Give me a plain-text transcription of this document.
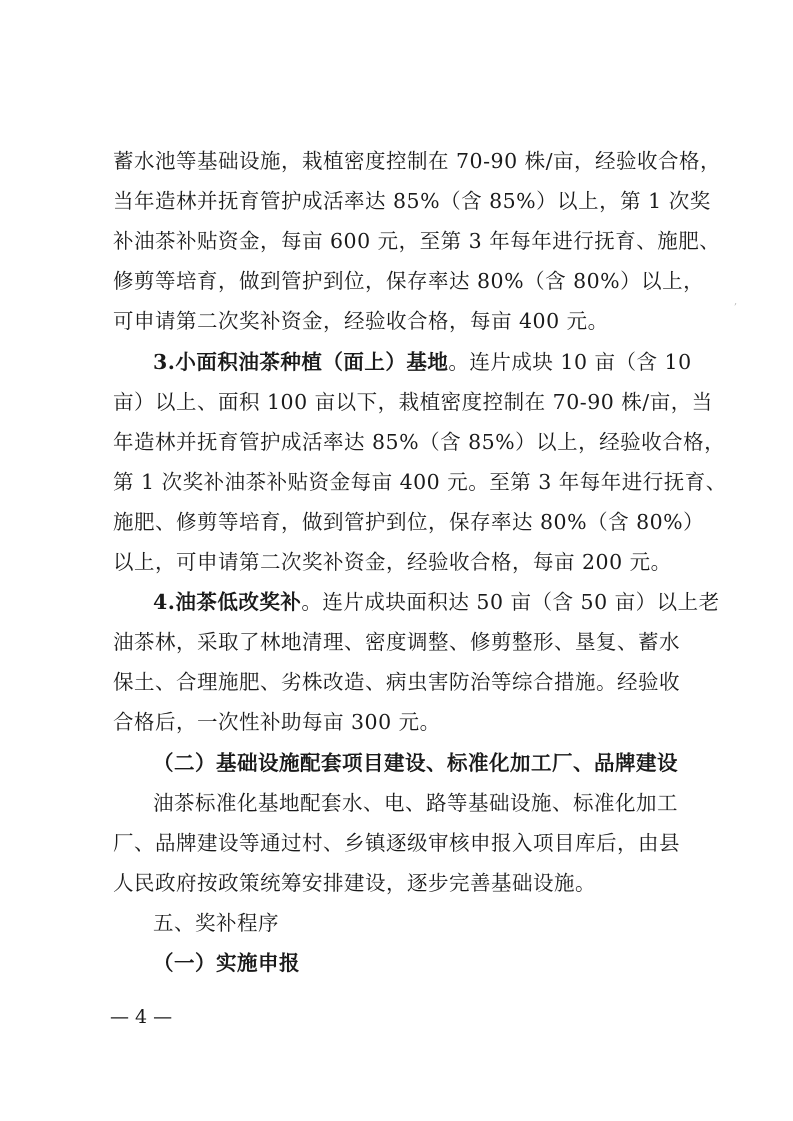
蓄水池等基础设施，栽植密度控制在 70-90 株/亩，经验收合格，
当年造林并抚育管护成活率达 85%（含 85%）以上，第 1 次奖
补油茶补贴资金，每亩 600 元，至第 3 年每年进行抚育、施肥、
修剪等培育，做到管护到位，保存率达 80%（含 80%）以上，
可申请第二次奖补资金，经验收合格，每亩 400 元。
3.小面积油茶种植（面上）基地。连片成块 10 亩（含 10
亩）以上、面积 100 亩以下，栽植密度控制在 70-90 株/亩，当
年造林并抚育管护成活率达 85%（含 85%）以上，经验收合格，
第 1 次奖补油茶补贴资金每亩 400 元。至第 3 年每年进行抚育、
施肥、修剪等培育，做到管护到位，保存率达 80%（含 80%）
以上，可申请第二次奖补资金，经验收合格，每亩 200 元。
4.油茶低改奖补。连片成块面积达 50 亩（含 50 亩）以上老
油茶林，采取了林地清理、密度调整、修剪整形、垦复、蓄水
保土、合理施肥、劣株改造、病虫害防治等综合措施。经验收
合格后，一次性补助每亩 300 元。
（二）基础设施配套项目建设、标准化加工厂、品牌建设
油茶标准化基地配套水、电、路等基础设施、标准化加工
厂、品牌建设等通过村、乡镇逐级审核申报入项目库后，由县
人民政府按政策统筹安排建设，逐步完善基础设施。
五、奖补程序
（一）实施申报
— 4 —
,
